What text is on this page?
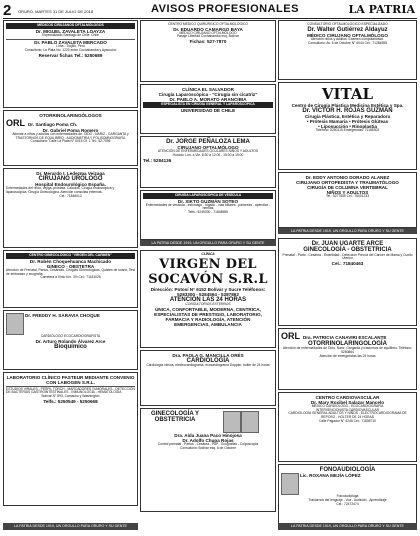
2 ORURO, MARTES 31 DE JULIO DE 2018	AVISOS PROFESIONALES	LA PATRIA
MÉDICOS CIRUJANOS OFTALMÓLOGOS
Dr. MIGUEL ZAVALETA LOAYZA
Especializado Santiago de Chile, Chile
Dr. PABLO ZAVALETA MERCADO
Lima - Trujillo, Perú
Consultorio: La Plata No. 1220 entre Cochabamba y Ayacucho
Reservar fichas Tel.: 5250689
OTORRINOLARINGÓLOGOS
ORL Dr. Santiago Poma Ch.
Dr. Gabriel Poma Romero
Atiende a niños y adultos con enfermedades de: OÍDO - NARIZ - GARGANTA y TRASTORNOS DE EQUILIBRIO - AUDIOMETRÍA Y POLISOMNOGRAFÍA
Consultorio: Calle La Plata N° 6015 Of. 1 Tel.: 52-7096
Dr. Merardo I. Ledezma Veizaga
CIRUJANO URÓLOGO
Hospital Endourológico España.
Enfermedades del riñón, vejiga, próstata. Cálculos. Cirugía endoscópica y laparoscópica. Cirugía Ginecológica. Atención consultas externas.
Cel.: 71846013
CENTRO GINECOLÓGICO "VIRGEN DEL CARMEN"
Dr. Rubén Choquehuanca Machicado
GINECO - OBSTETRA
Atención de Prenatal, Partos, Cesáreas, Cirugías Ginecológicas, Quistes de ovario, Test de embarazo y ecografía.
Carretera a Vinto Km. 3½ Cel.: 71181025
Dr. FREDDY H. SARAVIA CHOQUE
CARDIÓLOGO ECOCARDIOGRAFISTA
Dr. Arturo Rolando Álvarez Arce
Bioquímico
LABORATORIO CLÍNICO PASTEUR MEDIANTE CONVENIO CON LABOGEN S.R.L.
ESTUDIOS VIRALES - PERFIL TORCH - MARCADORES TUMORALES - DETECCIÓN DE BACTERIAS GASTROINTESTINALES - INMUNOLOGÍA - HEMATOLOGÍA
Bolívar N° 893, Camacho y Washington
Telfs.: 5250549 - 5250668
LA PATRIA DESDE 1919, UN ORGULLO PARA ORURO Y SU GENTE
CENTRO MÉDICO QUIRÚRGICO OFTALMOLÓGICO
Dr. EDUARDO CAMARGO BAYA
MÉDICO CIRUJANO OFTALMÓLOGO
Pasaje Libertad Cochabamba esq. Bolívar
Fichas: 527-7870
CLÍNICA EL SALVADOR
Cirugía Laparoscópica - "Cirugía sin cicatriz"
Dr. PABLO A. MORATO ARANCIBIA
ESPECIALISTA EN CIRUGÍA GENERAL Y LAPAROSCÓPICA
UNIVERSIDAD DE CHILE
Dr. JORGE PEÑALOZA LEMA
CIRUJANO OFTALMÓLOGO
ATENCIÓN DE ENFERMEDADES OCULARES NIÑOS Y ADULTOS
Horario: Lun. a Vie. 8:30 a 12:00 - 15:00 a 19:00
Tel.: 5284136
CIRUGÍA LAPAROSCÓPICA DE VESÍCULA
Dr. XIKTO GUZMÁN SOTEO
Enfermedades de vesícula - estómago - hígado - vías biliares - páncreas - apéndice - hernias
Telfs.: 5245300 - 71848955
LA PATRIA DESDE 1919, UN ORGULLO PARA ORURO Y SU GENTE
CLÍNICA
VIRGEN DEL SOCAVÓN S.R.L
Dirección: Potosí N° 6152 Bolívar y Sucre Teléfonos: 5283300 - 5284564 - 5287862
ATENCIÓN LAS 24 HORAS
CONSULTORIOS EXTERNOS
ÚNICA, CONFORTABLE, MODERNA, CENTRICA,
ESPECIALISTAS DE PRESTIGIO, LABORATORIO,
FARMACIA Y RADIOLOGÍA, ATENCIÓN
EMERGENCIAS, AMBULANCIA
Dra. PAOLA G. MANCILLA ORÉS
CARDIOLOGÍA
Cardiología clínica, electrocardiograma, ecocardiograma Doppler, holter de 24 horas
GINECOLOGÍA Y OBSTETRICIA

Dra. Aída Juana Paco Hinojosa
Dr. Adolfo Chupa Rojas
Control prenatal - Partos - Cesárea - PAP - Ecografías - Colposcopía
Consultorio: Bolívar esq. 6 de Octubre
CONSULTORIO OFTALMOLÓGICO ESPECIALIZADO
Dr. Walter Gutiérrez Aldayuz
MÉDICO CIRUJANO OFTALMÓLOGO
Atención niños y adultos. Examen computarizado.
Consultorio: Av. 6 de Octubre N° 6044 Cel.: 71284555
VITAL
Centro de Cirugía Plástica Medicina Estética y Spa.
Dr. VÍCTOR H. ROJAS GUZMÁN
Cirugía Plástica, Estética y Reparadora
• Prótesis Mamaria • Prótesis Glúteas
• Liposucción • Rinoplastia
Teléfono: 5250115 Emergencias: 71185303
Dr. EDDY ANTONIO DORADO ALANEZ
CIRUJANO ORTOPEDISTA Y TRAUMATÓLOGO
CIRUGÍA DE COLUMNA VERTEBRAL
NIÑOS Y ADULTOS
Tel.: 5277555 Cel.: 76001233
LA PATRIA DESDE 1919, UN ORGULLO PARA ORURO Y SU GENTE
Dr. JUAN UGARTE ARCE
GINECOLOGÍA - OBSTETRICIA
Prenatal - Parto - Cesárea - Esterilidad - Detección Precoz del Cáncer de Mama y Cuello Uterino
Cel.: 71840463
ORL Dra. PATRICIA CANAVIRI ESCALANTE
OTORRINOLARINGOLOGÍA
Atención de enfermedades de Oído, Nariz, Garganta y trastornos de equilibrio. Teléfono: 5250864
Atención de emergencias las 24 horas
CENTRO CARDIOVASCULAR
Dr. Mary Roxibel Salazar Mancelo
MÉDICO CARDIÓLOGO - ECOCARDIOGRAFÍA
INTERVENCIONISTA CARDIOVASCULAR
CARDIOLOGÍA GENERAL ADULTOS Y NIÑOS - ELECTROCARDIOGRAMA DE REPOSO - HOLTER DE 24 HORAS
Calle Pagador N° 4245 Cel.: 71808710
FONOAUDIOLOGÍA
Lic. ROXANA MEJÍA LÓPEZ
Fonoaudióloga
Trastornos del lenguaje - Voz - Audición - Aprendizaje
Cel.: 72472474
LA PATRIA DESDE 1919, UN ORGULLO PARA ORURO Y SU GENTE
